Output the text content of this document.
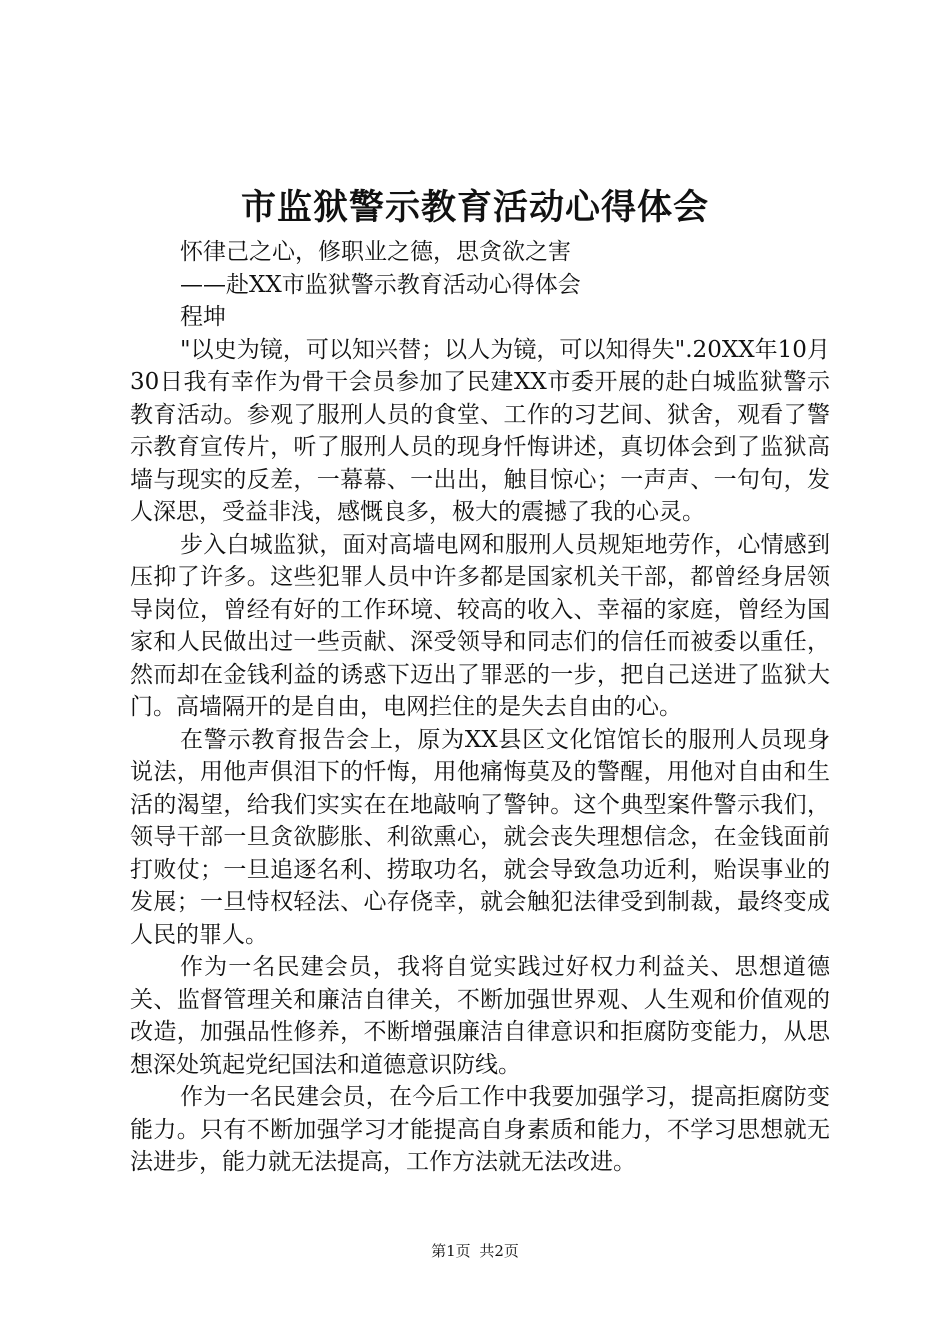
市监狱警示教育活动心得体会
怀律己之心，修职业之德，思贪欲之害
——赴XX市监狱警示教育活动心得体会
程坤

"以史为镜，可以知兴替；以人为镜，可以知得失".20XX年10月30日我有幸作为骨干会员参加了民建XX市委开展的赴白城监狱警示教育活动。参观了服刑人员的食堂、工作的习艺间、狱舍，观看了警示教育宣传片，听了服刑人员的现身忏悔讲述，真切体会到了监狱高墙与现实的反差，一幕幕、一出出，触目惊心；一声声、一句句，发人深思，受益非浅，感慨良多，极大的震撼了我的心灵。

步入白城监狱，面对高墙电网和服刑人员规矩地劳作，心情感到压抑了许多。这些犯罪人员中许多都是国家机关干部，都曾经身居领导岗位，曾经有好的工作环境、较高的收入、幸福的家庭，曾经为国家和人民做出过一些贡献、深受领导和同志们的信任而被委以重任，然而却在金钱利益的诱惑下迈出了罪恶的一步，把自己送进了监狱大门。高墙隔开的是自由，电网拦住的是失去自由的心。

在警示教育报告会上，原为XX县区文化馆馆长的服刑人员现身说法，用他声俱泪下的忏悔，用他痛悔莫及的警醒，用他对自由和生活的渴望，给我们实实在在地敲响了警钟。这个典型案件警示我们，领导干部一旦贪欲膨胀、利欲熏心，就会丧失理想信念，在金钱面前打败仗；一旦追逐名利、捞取功名，就会导致急功近利，贻误事业的发展；一旦恃权轻法、心存侥幸，就会触犯法律受到制裁，最终变成人民的罪人。

作为一名民建会员，我将自觉实践过好权力利益关、思想道德关、监督管理关和廉洁自律关，不断加强世界观、人生观和价值观的改造，加强品性修养，不断增强廉洁自律意识和拒腐防变能力，从思想深处筑起党纪国法和道德意识防线。

作为一名民建会员，在今后工作中我要加强学习，提高拒腐防变能力。只有不断加强学习才能提高自身素质和能力，不学习思想就无法进步，能力就无法提高，工作方法就无法改进。

第1页 共2页
